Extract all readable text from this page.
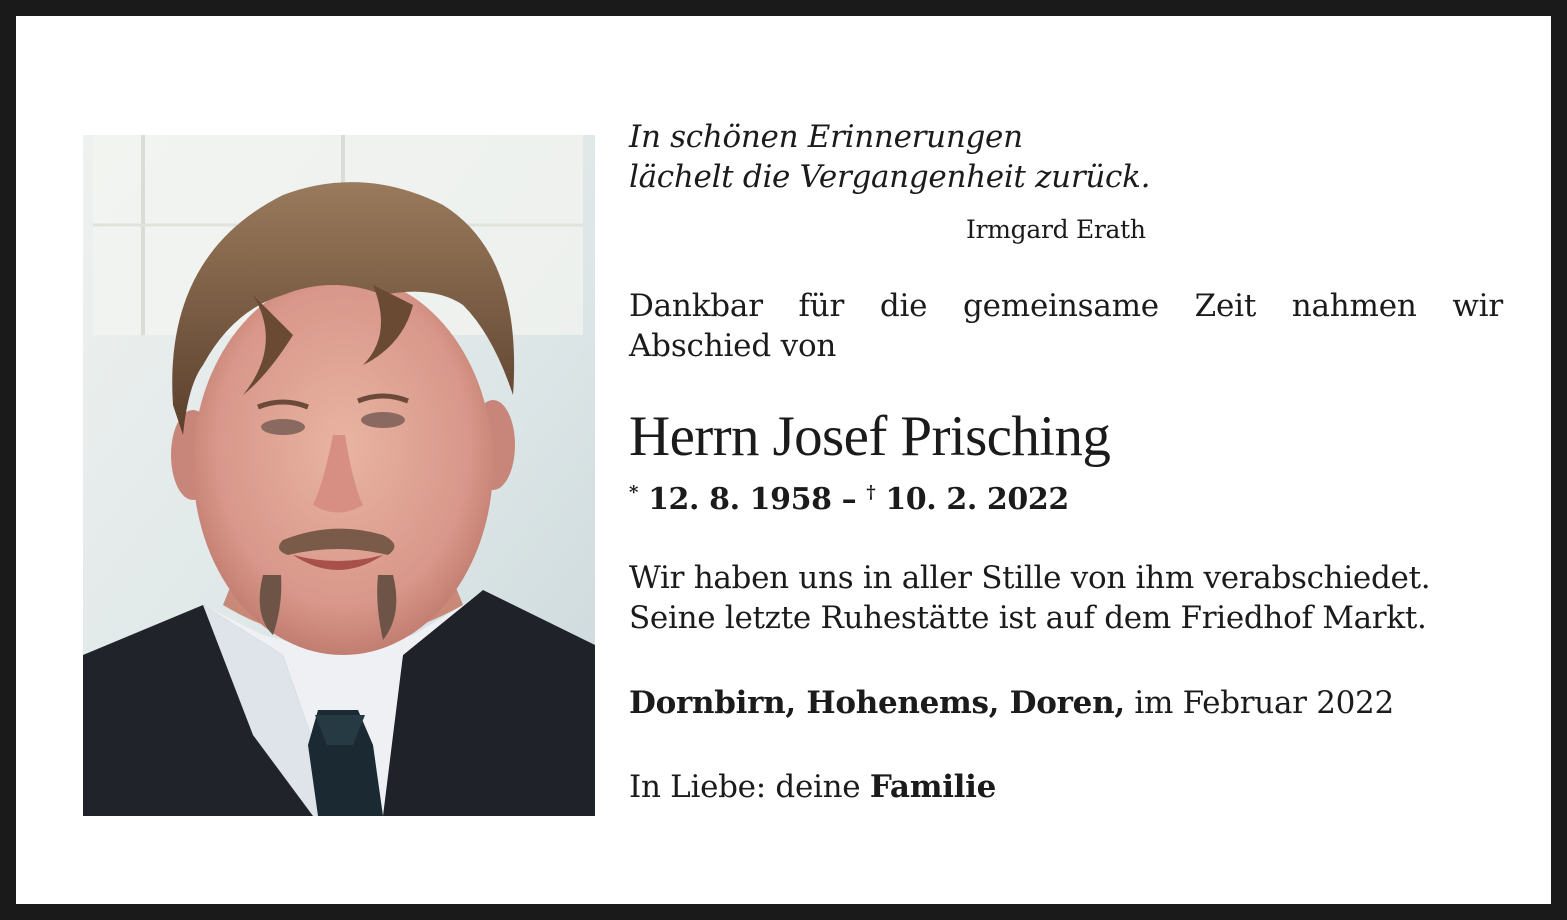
In schönen Erinnerungen
lächelt die Vergangenheit zurück.
Irmgard Erath
Dankbar für die gemeinsame Zeit nahmen wir
Abschied von
Herrn Josef Prisching
* 12. 8. 1958 – † 10. 2. 2022
Wir haben uns in aller Stille von ihm verabschiedet.
Seine letzte Ruhestätte ist auf dem Friedhof Markt.
Dornbirn, Hohenems, Doren, im Februar 2022
In Liebe: deine Familie
